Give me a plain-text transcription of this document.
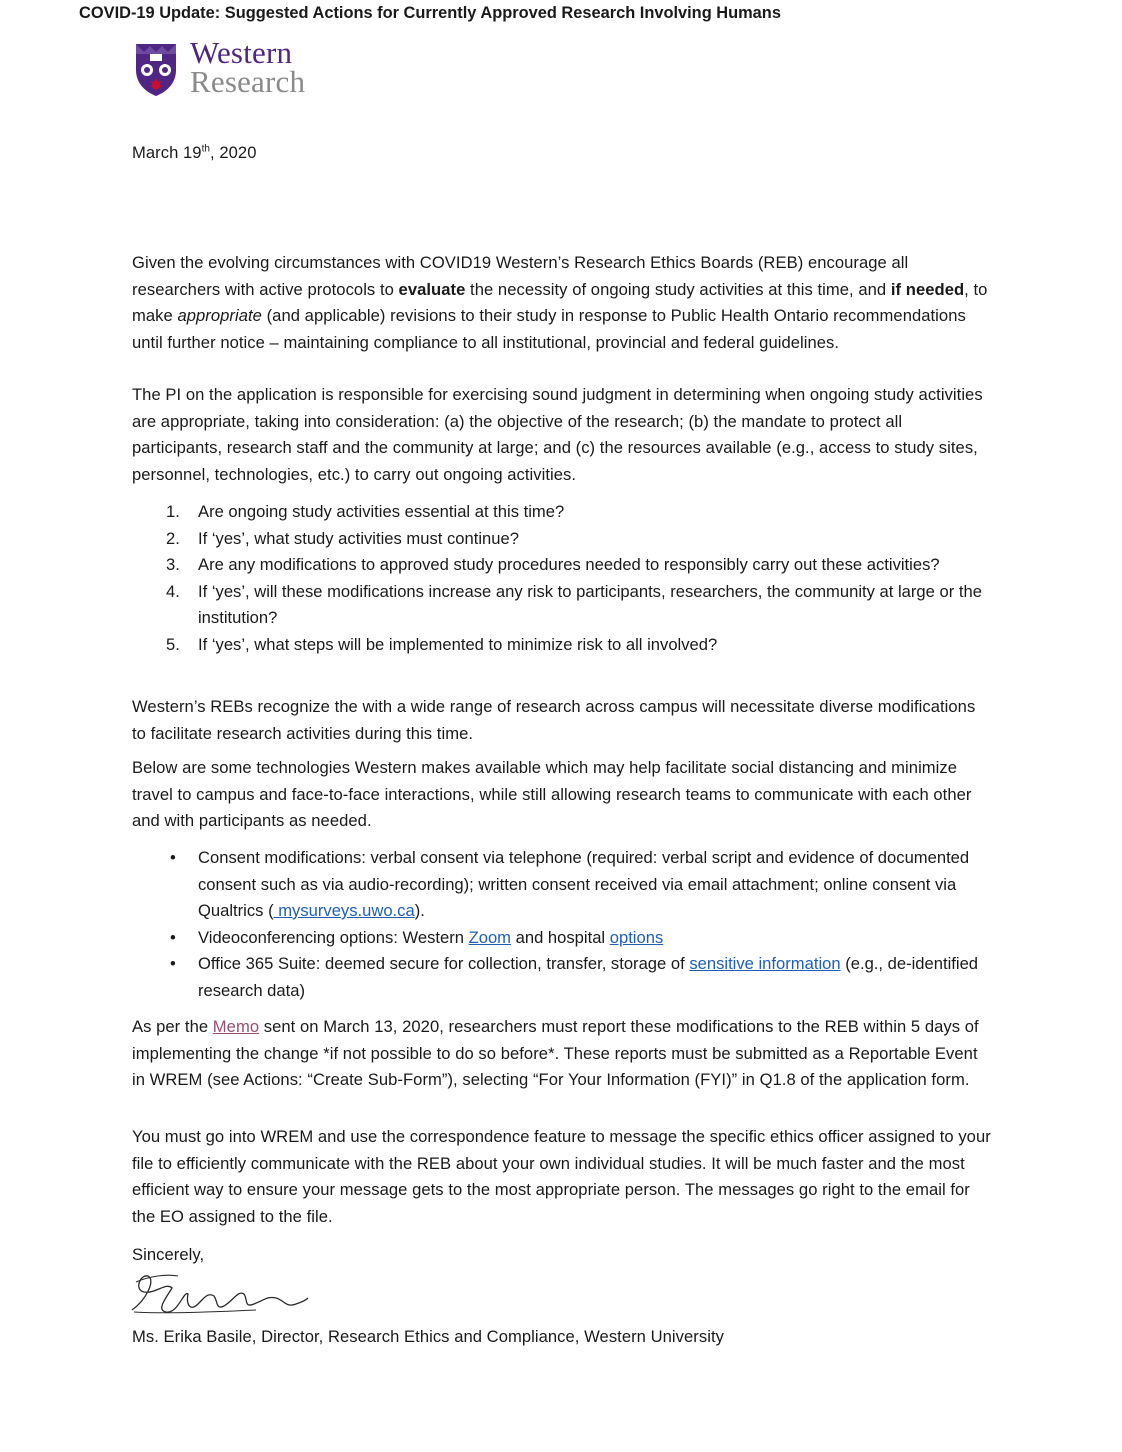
Western
Research
March 19th, 2020
COVID-19 Update: Suggested Actions for Currently Approved Research Involving Humans
Given the evolving circumstances with COVID19 Western’s Research Ethics Boards (REB) encourage all researchers with active protocols to evaluate the necessity of ongoing study activities at this time, and if needed, to make appropriate (and applicable) revisions to their study in response to Public Health Ontario recommendations until further notice – maintaining compliance to all institutional, provincial and federal guidelines.
The PI on the application is responsible for exercising sound judgment in determining when ongoing study activities are appropriate, taking into consideration: (a) the objective of the research; (b) the mandate to protect all participants, research staff and the community at large; and (c) the resources available (e.g., access to study sites, personnel, technologies, etc.) to carry out ongoing activities.
1. Are ongoing study activities essential at this time?
2. If ‘yes’, what study activities must continue?
3. Are any modifications to approved study procedures needed to responsibly carry out these activities?
4. If ‘yes’, will these modifications increase any risk to participants, researchers, the community at large or the institution?
5. If ‘yes’, what steps will be implemented to minimize risk to all involved?
Western’s REBs recognize the with a wide range of research across campus will necessitate diverse modifications to facilitate research activities during this time.
Below are some technologies Western makes available which may help facilitate social distancing and minimize travel to campus and face-to-face interactions, while still allowing research teams to communicate with each other and with participants as needed.
• Consent modifications: verbal consent via telephone (required: verbal script and evidence of documented consent such as via audio-recording); written consent received via email attachment; online consent via Qualtrics ( mysurveys.uwo.ca).
• Videoconferencing options: Western Zoom and hospital options
• Office 365 Suite: deemed secure for collection, transfer, storage of sensitive information (e.g., de-identified research data)
As per the Memo sent on March 13, 2020, researchers must report these modifications to the REB within 5 days of implementing the change *if not possible to do so before*. These reports must be submitted as a Reportable Event in WREM (see Actions: “Create Sub-Form”), selecting “For Your Information (FYI)” in Q1.8 of the application form.
You must go into WREM and use the correspondence feature to message the specific ethics officer assigned to your file to efficiently communicate with the REB about your own individual studies. It will be much faster and the most efficient way to ensure your message gets to the most appropriate person. The messages go right to the email for the EO assigned to the file.
Sincerely,
Ms. Erika Basile, Director, Research Ethics and Compliance, Western University
